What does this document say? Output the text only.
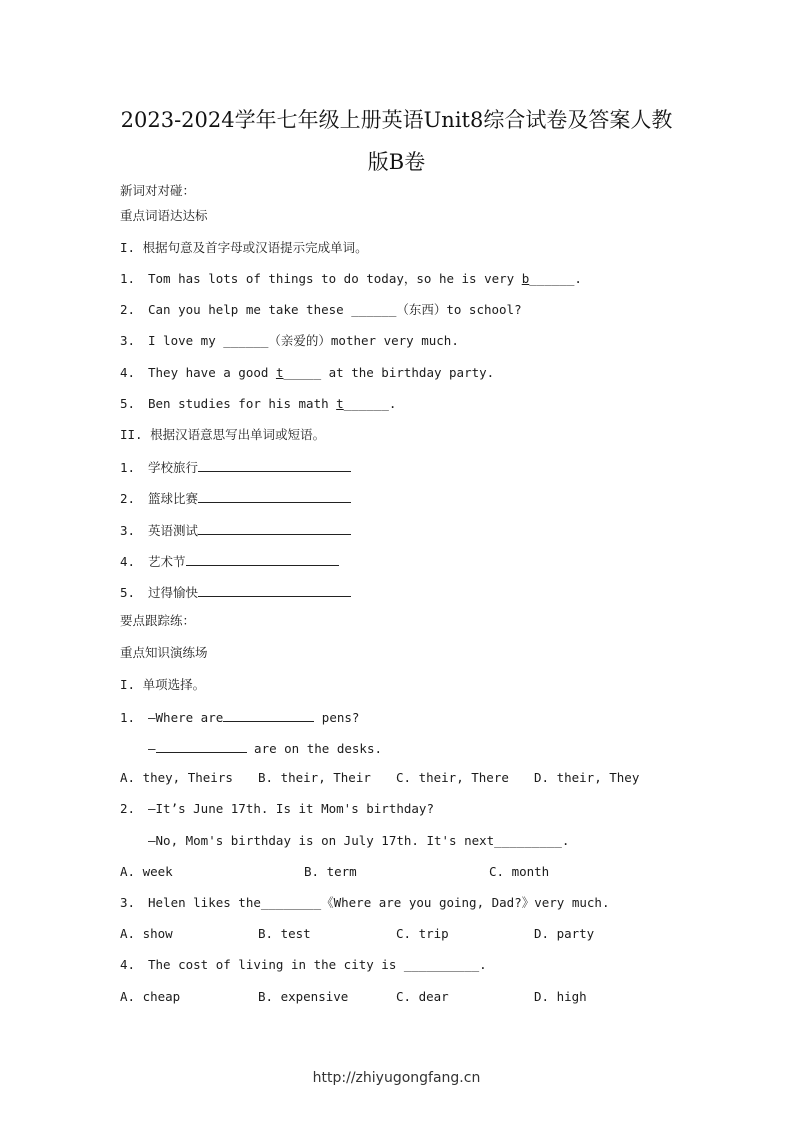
2023-2024学年七年级上册英语Unit8综合试卷及答案人教
版B卷
新词对对碰：
重点词语达达标
I. 根据句意及首字母或汉语提示完成单词。
1. Tom has lots of things to do today，so he is very b______.
2. Can you help me take these ______（东西）to school?
3. I love my ______（亲爱的）mother very much.
4. They have a good t_____ at the birthday party.
5. Ben studies for his math t______.
II. 根据汉语意思写出单词或短语。
1. 学校旅行
2. 篮球比赛
3. 英语测试
4. 艺术节
5. 过得愉快
要点跟踪练：
重点知识演练场
I. 单项选择。
1. —Where are	pens?
—	are on the desks.
A. they, Theirs B. their, Their C. their, There D. their, They
2. —It’s June 17th. Is it Mom's birthday?
—No, Mom's birthday is on July 17th. It's next_________.
A. week	B. term	C. month
3. Helen likes the________《Where are you going, Dad?》very much.
A. show	B. test	C. trip	D. party
4. The cost of living in the city is __________.
A. cheap	B. expensive	C. dear	D. high
http://zhiyugongfang.cn
